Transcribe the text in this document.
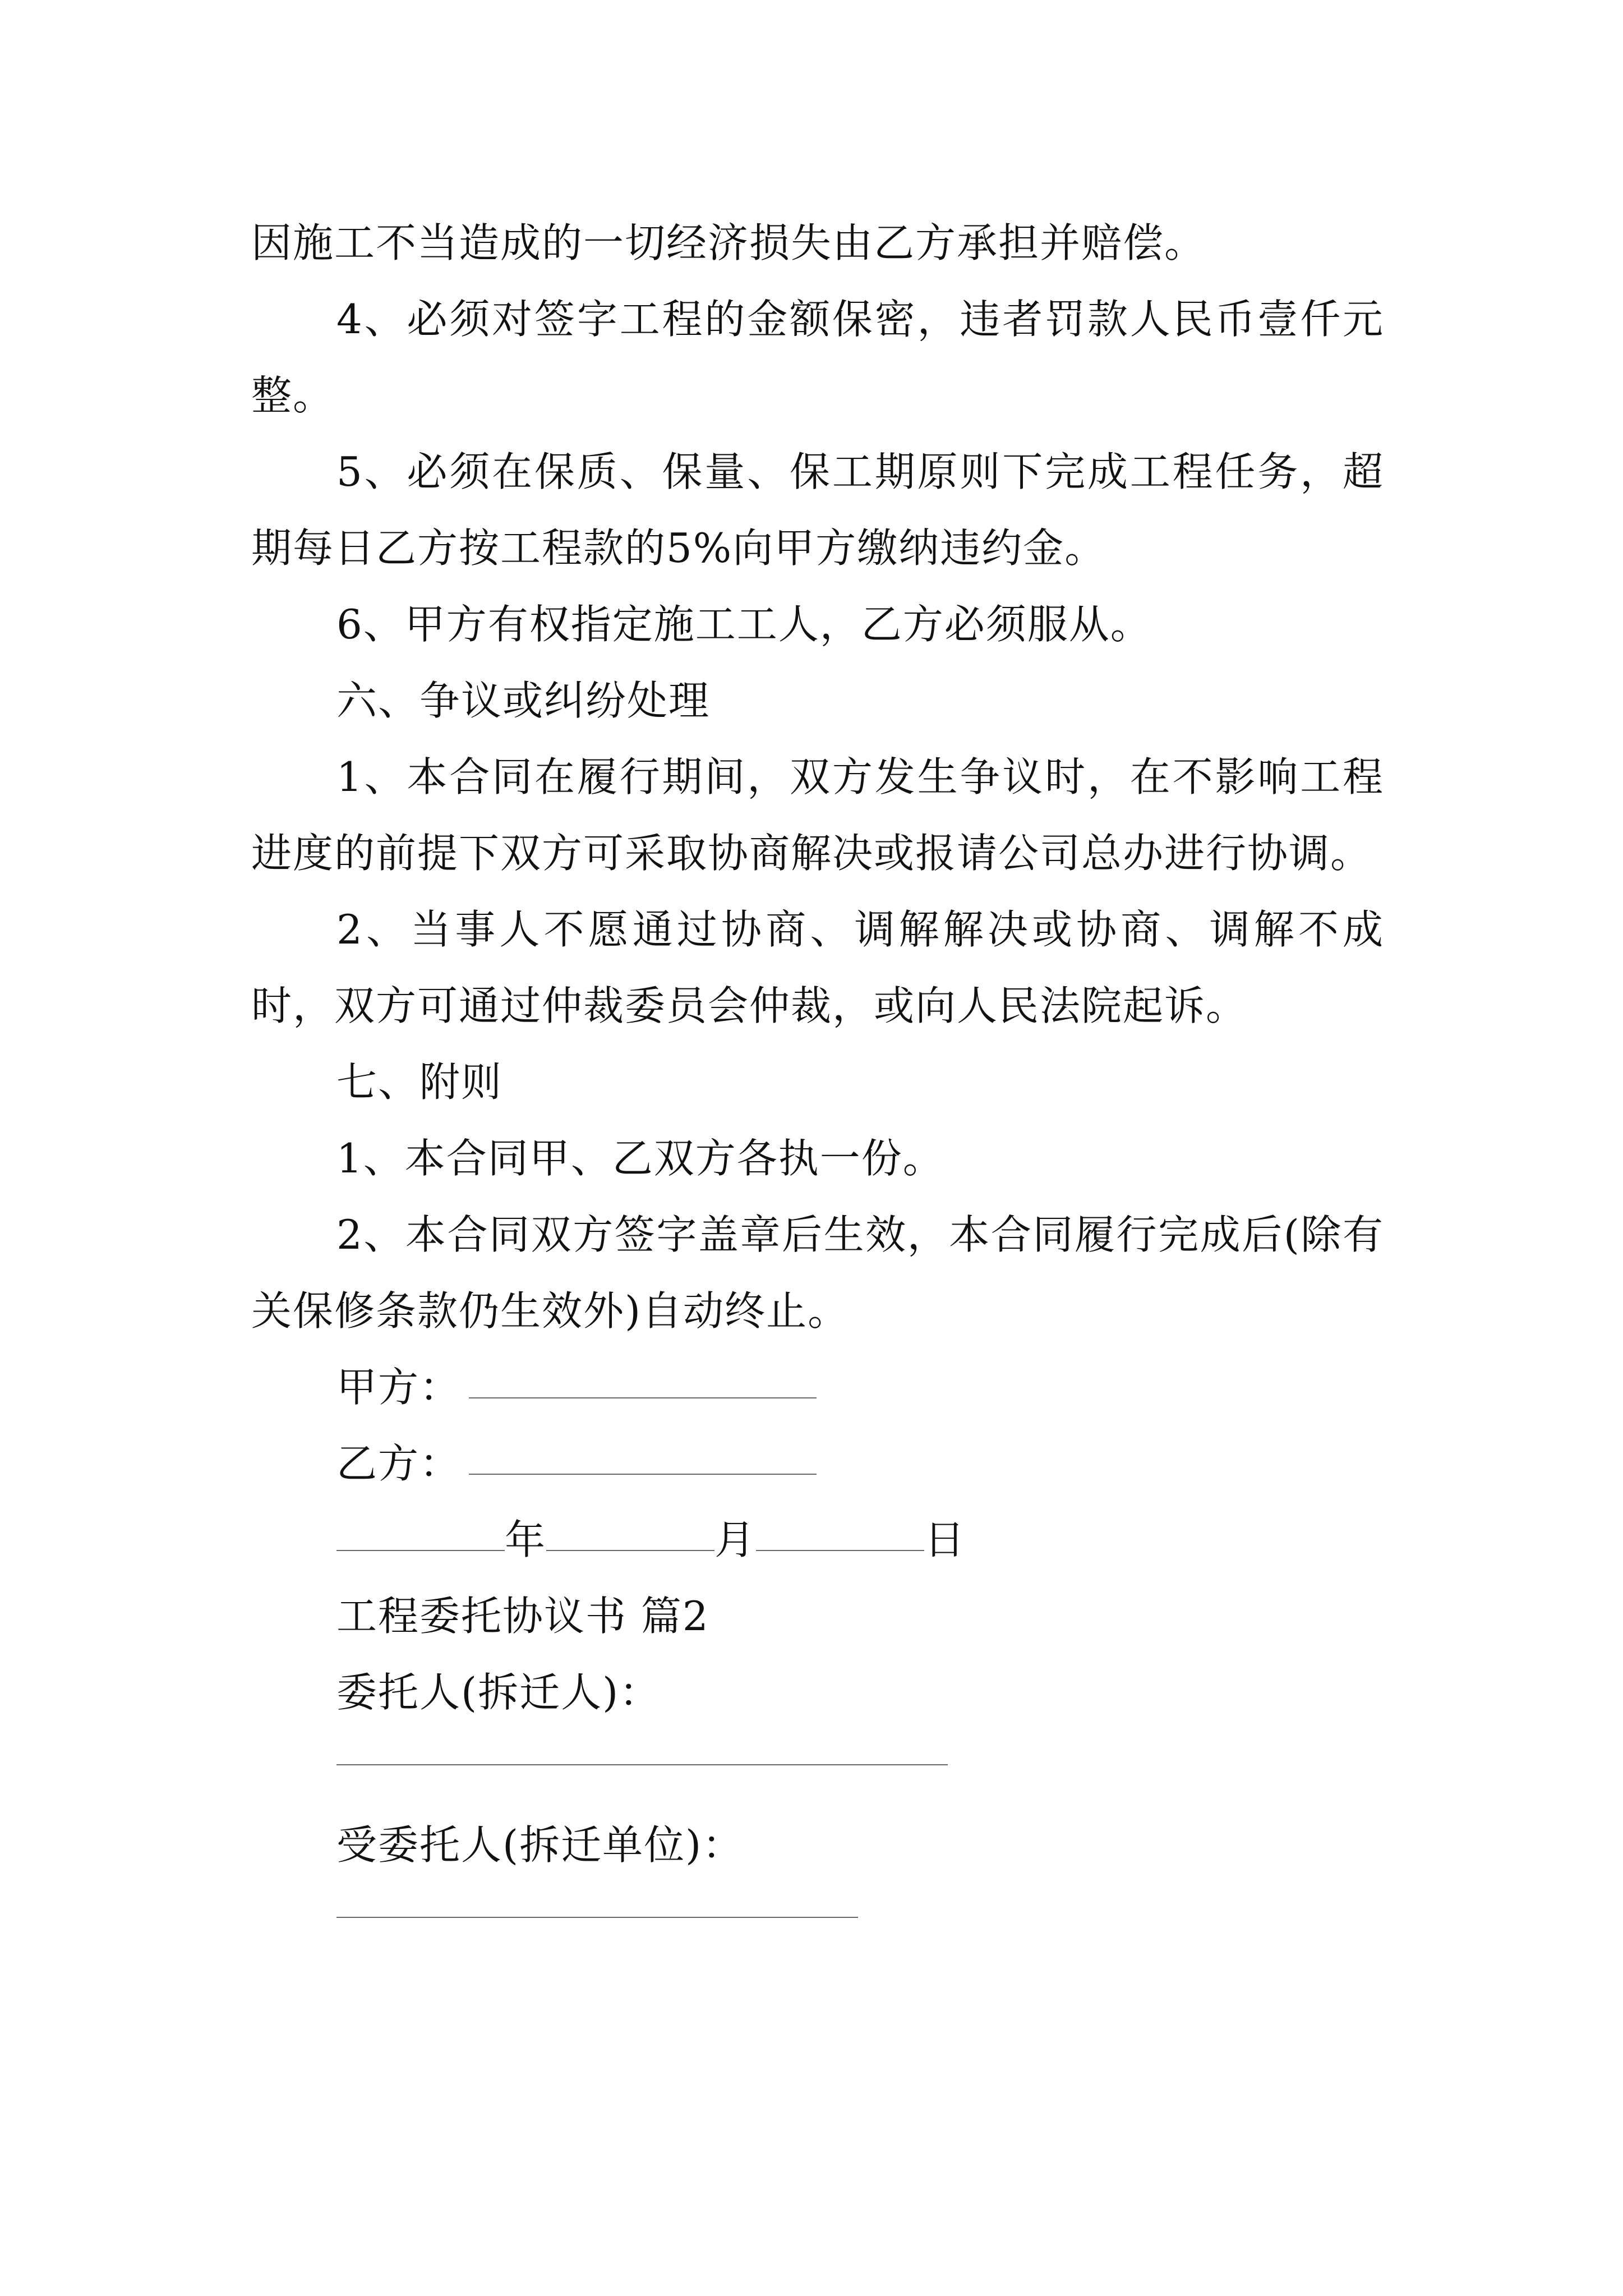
因施工不当造成的一切经济损失由乙方承担并赔偿。

4、必须对签字工程的金额保密，违者罚款人民币壹仟元整。

5、必须在保质、保量、保工期原则下完成工程任务，超期每日乙方按工程款的5%向甲方缴纳违约金。

6、甲方有权指定施工工人，乙方必须服从。

六、争议或纠纷处理

1、本合同在履行期间，双方发生争议时，在不影响工程进度的前提下双方可采取协商解决或报请公司总办进行协调。

2、当事人不愿通过协商、调解解决或协商、调解不成时，双方可通过仲裁委员会仲裁，或向人民法院起诉。

七、附则

1、本合同甲、乙双方各执一份。

2、本合同双方签字盖章后生效，本合同履行完成后(除有关保修条款仍生效外)自动终止。

甲方：
乙方：
年	月	日
工程委托协议书 篇2
委托人(拆迁人)：
受委托人(拆迁单位)：
